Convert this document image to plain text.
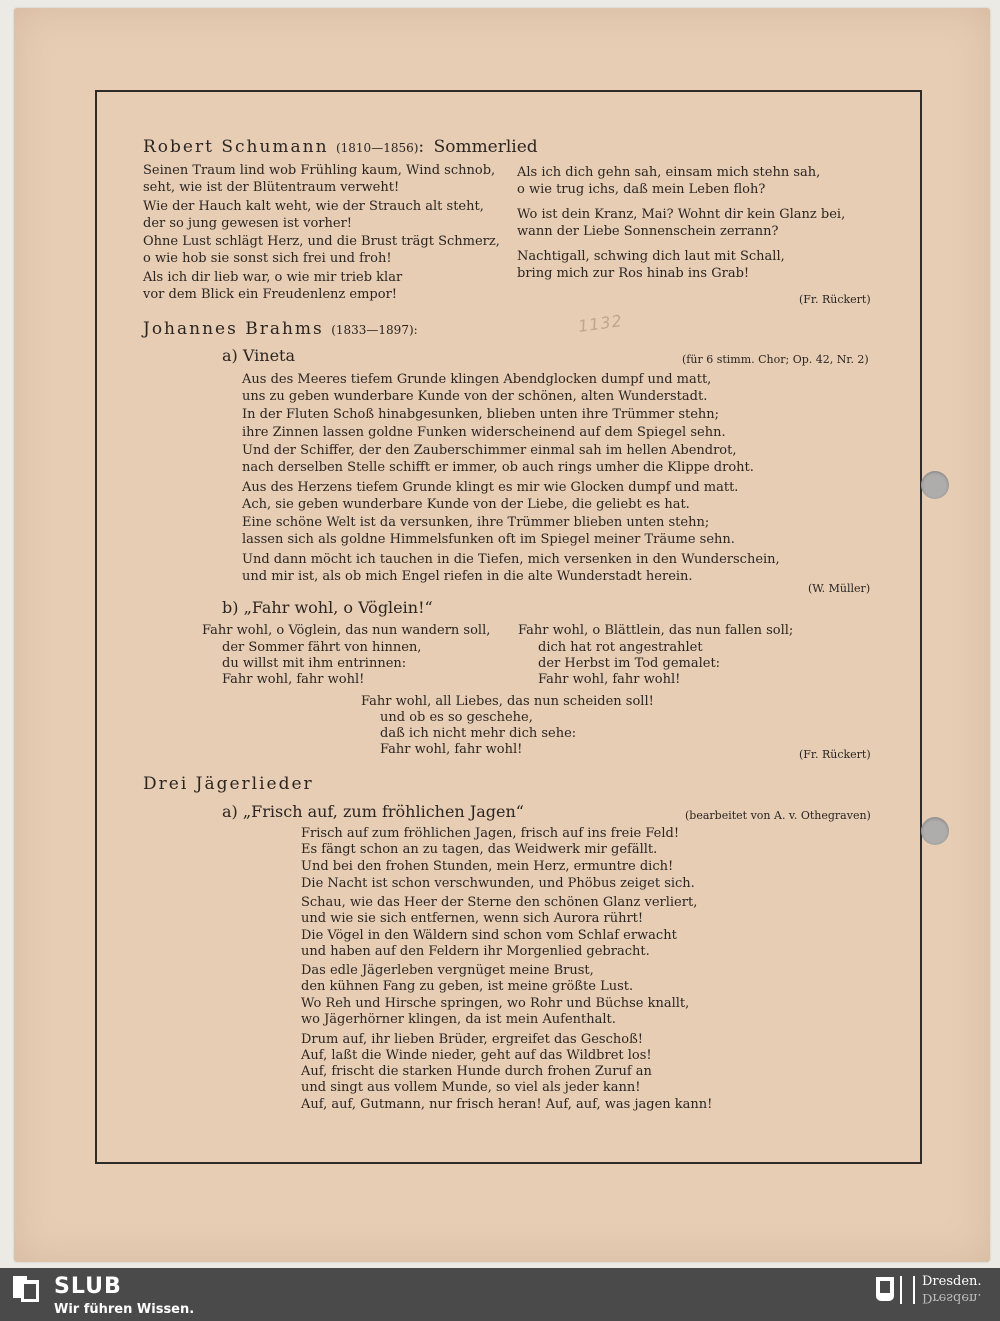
1132
Robert Schumann (1810—1856): Sommerlied
Seinen Traum lind wob Frühling kaum, Wind schnob,
seht, wie ist der Blütentraum verweht!
Wie der Hauch kalt weht, wie der Strauch alt steht,
der so jung gewesen ist vorher!
Ohne Lust schlägt Herz, und die Brust trägt Schmerz,
o wie hob sie sonst sich frei und froh!
Als ich dir lieb war, o wie mir trieb klar
vor dem Blick ein Freudenlenz empor!
Als ich dich gehn sah, einsam mich stehn sah,
o wie trug ichs, daß mein Leben floh?
Wo ist dein Kranz, Mai? Wohnt dir kein Glanz bei,
wann der Liebe Sonnenschein zerrann?
Nachtigall, schwing dich laut mit Schall,
bring mich zur Ros hinab ins Grab!
(Fr. Rückert)
Johannes Brahms (1833—1897):
a) Vineta	(für 6 stimm. Chor; Op. 42, Nr. 2)
Aus des Meeres tiefem Grunde klingen Abendglocken dumpf und matt,
uns zu geben wunderbare Kunde von der schönen, alten Wunderstadt.
In der Fluten Schoß hinabgesunken, blieben unten ihre Trümmer stehn;
ihre Zinnen lassen goldne Funken widerscheinend auf dem Spiegel sehn.
Und der Schiffer, der den Zauberschimmer einmal sah im hellen Abendrot,
nach derselben Stelle schifft er immer, ob auch rings umher die Klippe droht.
Aus des Herzens tiefem Grunde klingt es mir wie Glocken dumpf und matt.
Ach, sie geben wunderbare Kunde von der Liebe, die geliebt es hat.
Eine schöne Welt ist da versunken, ihre Trümmer blieben unten stehn;
lassen sich als goldne Himmelsfunken oft im Spiegel meiner Träume sehn.
Und dann möcht ich tauchen in die Tiefen, mich versenken in den Wunderschein,
und mir ist, als ob mich Engel riefen in die alte Wunderstadt herein.
(W. Müller)
b) „Fahr wohl, o Vöglein!“
Fahr wohl, o Vöglein, das nun wandern soll,
der Sommer fährt von hinnen,
du willst mit ihm entrinnen:
Fahr wohl, fahr wohl!
Fahr wohl, o Blättlein, das nun fallen soll;
dich hat rot angestrahlet
der Herbst im Tod gemalet:
Fahr wohl, fahr wohl!
Fahr wohl, all Liebes, das nun scheiden soll!
und ob es so geschehe,
daß ich nicht mehr dich sehe:
Fahr wohl, fahr wohl!	(Fr. Rückert)
Drei Jägerlieder
a) „Frisch auf, zum fröhlichen Jagen“	(bearbeitet von A. v. Othegraven)
Frisch auf zum fröhlichen Jagen, frisch auf ins freie Feld!
Es fängt schon an zu tagen, das Weidwerk mir gefällt.
Und bei den frohen Stunden, mein Herz, ermuntre dich!
Die Nacht ist schon verschwunden, und Phöbus zeiget sich.
Schau, wie das Heer der Sterne den schönen Glanz verliert,
und wie sie sich entfernen, wenn sich Aurora rührt!
Die Vögel in den Wäldern sind schon vom Schlaf erwacht
und haben auf den Feldern ihr Morgenlied gebracht.
Das edle Jägerleben vergnüget meine Brust,
den kühnen Fang zu geben, ist meine größte Lust.
Wo Reh und Hirsche springen, wo Rohr und Büchse knallt,
wo Jägerhörner klingen, da ist mein Aufenthalt.
Drum auf, ihr lieben Brüder, ergreifet das Geschoß!
Auf, laßt die Winde nieder, geht auf das Wildbret los!
Auf, frischt die starken Hunde durch frohen Zuruf an
und singt aus vollem Munde, so viel als jeder kann!
Auf, auf, Gutmann, nur frisch heran! Auf, auf, was jagen kann!
SLUB
Wir führen Wissen.
Dresden.
Dresden.
